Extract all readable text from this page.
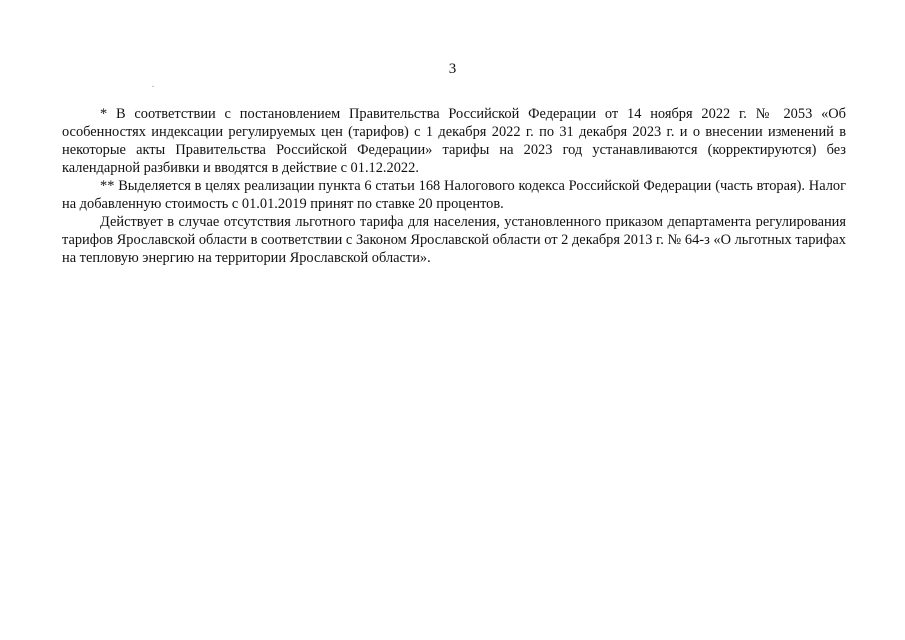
3

* В соответствии с постановлением Правительства Российской Федерации от 14 ноября 2022 г. № 2053 «Об особенностях индексации регулируемых цен (тарифов) с 1 декабря 2022 г. по 31 декабря 2023 г. и о внесении изменений в некоторые акты Правительства Российской Федерации» тарифы на 2023 год устанавливаются (корректируются) без календарной разбивки и вводятся в действие с 01.12.2022.

** Выделяется в целях реализации пункта 6 статьи 168 Налогового кодекса Российской Федерации (часть вторая). Налог на добавленную стоимость с 01.01.2019 принят по ставке 20 процентов.

Действует в случае отсутствия льготного тарифа для населения, установленного приказом департамента регулирования тарифов Ярославской области в соответствии с Законом Ярославской области от 2 декабря 2013 г. № 64-з «О льготных тарифах на тепловую энергию на территории Ярославской области».
